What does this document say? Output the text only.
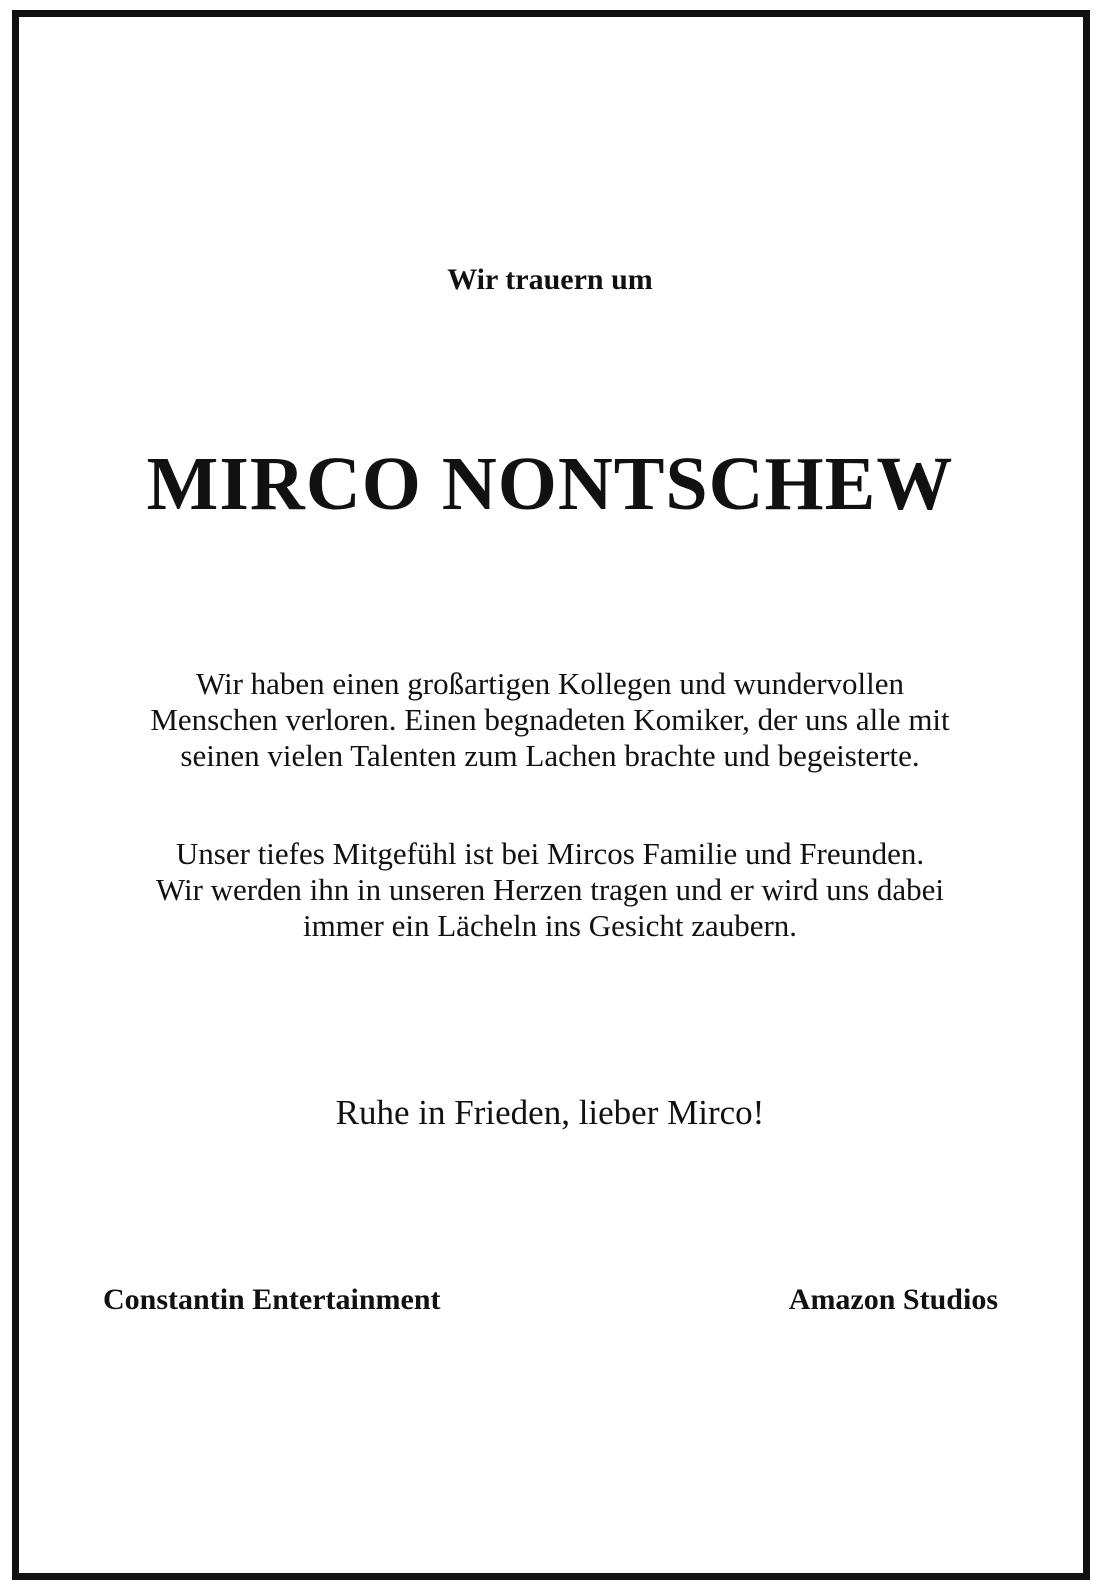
Wir trauern um
MIRCO NONTSCHEW
Wir haben einen großartigen Kollegen und wundervollen
Menschen verloren. Einen begnadeten Komiker, der uns alle mit
seinen vielen Talenten zum Lachen brachte und begeisterte.
Unser tiefes Mitgefühl ist bei Mircos Familie und Freunden.
Wir werden ihn in unseren Herzen tragen und er wird uns dabei
immer ein Lächeln ins Gesicht zaubern.
Ruhe in Frieden, lieber Mirco!
Constantin Entertainment	Amazon Studios
